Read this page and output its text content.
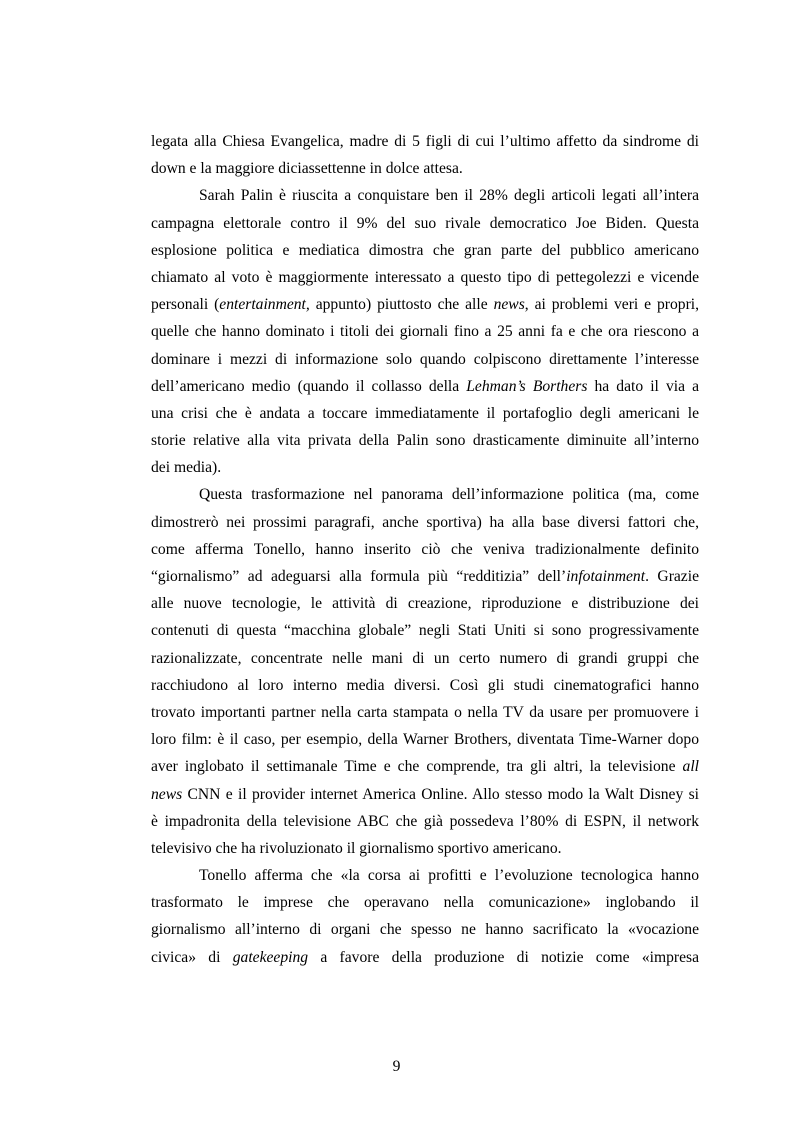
legata alla Chiesa Evangelica, madre di 5 figli di cui l’ultimo affetto da sindrome di
down e la maggiore diciassettenne in dolce attesa.
Sarah Palin è riuscita a conquistare ben il 28% degli articoli legati all’intera
campagna elettorale contro il 9% del suo rivale democratico Joe Biden. Questa
esplosione politica e mediatica dimostra che gran parte del pubblico americano
chiamato al voto è maggiormente interessato a questo tipo di pettegolezzi e vicende
personali (entertainment, appunto) piuttosto che alle news, ai problemi veri e propri,
quelle che hanno dominato i titoli dei giornali fino a 25 anni fa e che ora riescono a
dominare i mezzi di informazione solo quando colpiscono direttamente l’interesse
dell’americano medio (quando il collasso della Lehman’s Borthers ha dato il via a
una crisi che è andata a toccare immediatamente il portafoglio degli americani le
storie relative alla vita privata della Palin sono drasticamente diminuite all’interno
dei media).
Questa trasformazione nel panorama dell’informazione politica (ma, come
dimostrerò nei prossimi paragrafi, anche sportiva) ha alla base diversi fattori che,
come afferma Tonello, hanno inserito ciò che veniva tradizionalmente definito
“giornalismo” ad adeguarsi alla formula più “redditizia” dell’infotainment. Grazie
alle nuove tecnologie, le attività di creazione, riproduzione e distribuzione dei
contenuti di questa “macchina globale” negli Stati Uniti si sono progressivamente
razionalizzate, concentrate nelle mani di un certo numero di grandi gruppi che
racchiudono al loro interno media diversi. Così gli studi cinematografici hanno
trovato importanti partner nella carta stampata o nella TV da usare per promuovere i
loro film: è il caso, per esempio, della Warner Brothers, diventata Time-Warner dopo
aver inglobato il settimanale Time e che comprende, tra gli altri, la televisione all
news CNN e il provider internet America Online. Allo stesso modo la Walt Disney si
è impadronita della televisione ABC che già possedeva l’80% di ESPN, il network
televisivo che ha rivoluzionato il giornalismo sportivo americano.
Tonello afferma che «la corsa ai profitti e l’evoluzione tecnologica hanno
trasformato le imprese che operavano nella comunicazione» inglobando il
giornalismo all’interno di organi che spesso ne hanno sacrificato la «vocazione
civica» di gatekeeping a favore della produzione di notizie come «impresa
9
